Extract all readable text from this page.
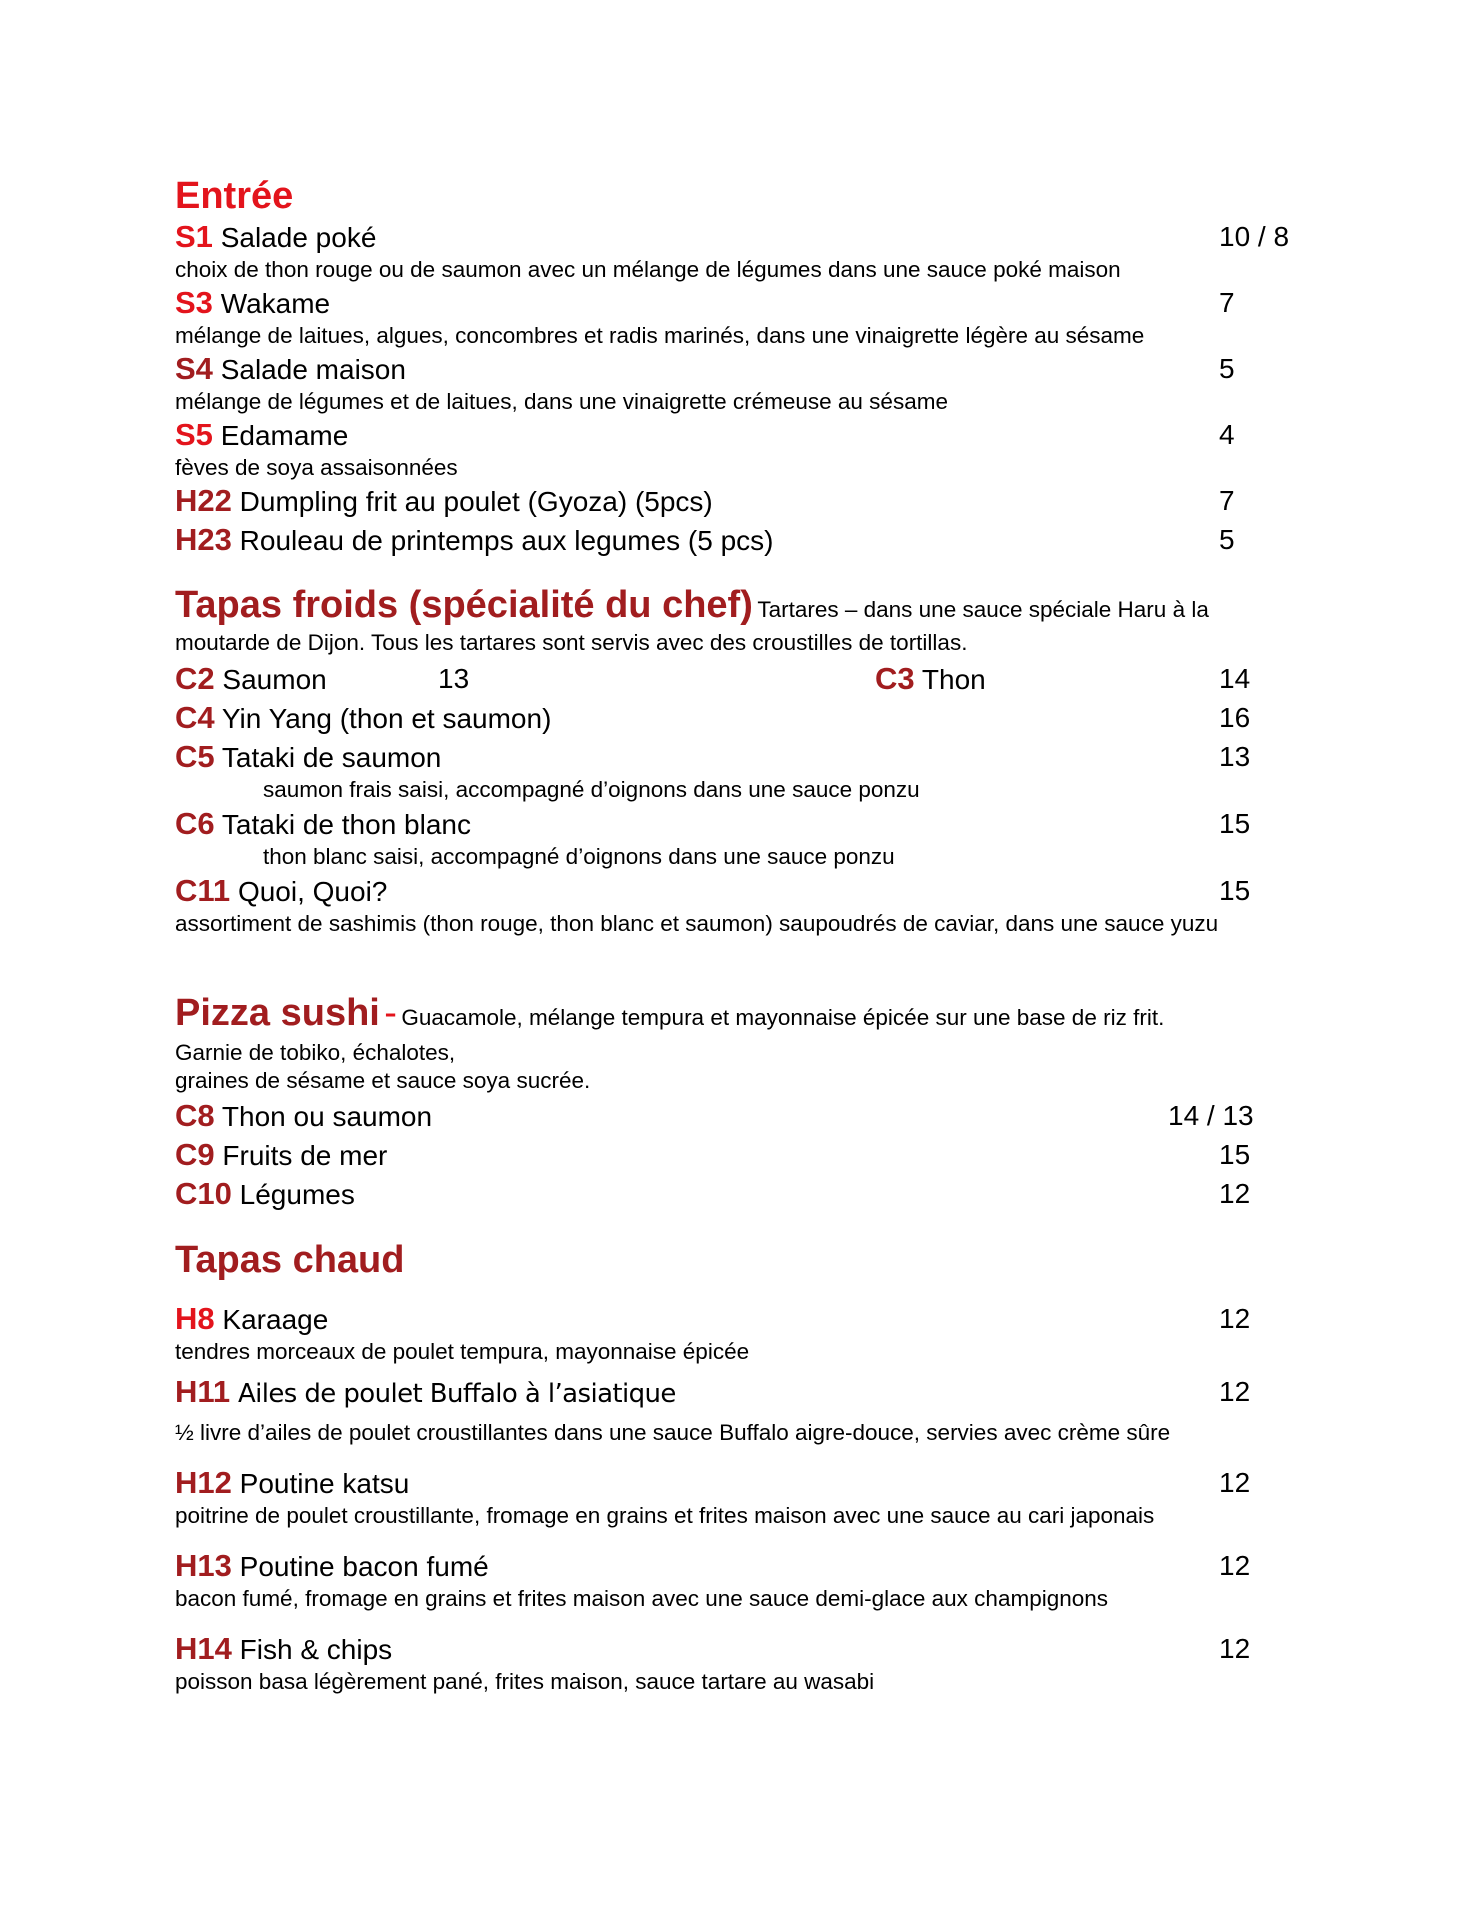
Entrée
S1 Salade poké	10 / 8
choix de thon rouge ou de saumon avec un mélange de légumes dans une sauce poké maison
S3 Wakame	7
mélange de laitues, algues, concombres et radis marinés, dans une vinaigrette légère au sésame
S4 Salade maison	5
mélange de légumes et de laitues, dans une vinaigrette crémeuse au sésame
S5 Edamame	4
fèves de soya assaisonnées
H22 Dumpling frit au poulet (Gyoza) (5pcs)	7
H23 Rouleau de printemps aux legumes (5 pcs)	5
Tapas froids (spécialité du chef) Tartares – dans une sauce spéciale Haru à la
moutarde de Dijon. Tous les tartares sont servis avec des croustilles de tortillas.
C2 Saumon	13	C3 Thon	14
C4 Yin Yang (thon et saumon)	16
C5 Tataki de saumon	13
saumon frais saisi, accompagné d’oignons dans une sauce ponzu
C6 Tataki de thon blanc	15
thon blanc saisi, accompagné d’oignons dans une sauce ponzu
C11 Quoi, Quoi?	15
assortiment de sashimis (thon rouge, thon blanc et saumon) saupoudrés de caviar, dans une sauce yuzu
Pizza sushi - Guacamole, mélange tempura et mayonnaise épicée sur une base de riz frit.
Garnie de tobiko, échalotes,
graines de sésame et sauce soya sucrée.
C8 Thon ou saumon	14 / 13
C9 Fruits de mer	15
C10 Légumes	12
Tapas chaud
H8 Karaage	12
tendres morceaux de poulet tempura, mayonnaise épicée
H11 Ailes de poulet Buffalo à l’asiatique	12
½ livre d’ailes de poulet croustillantes dans une sauce Buffalo aigre-douce, servies avec crème sûre
H12 Poutine katsu	12
poitrine de poulet croustillante, fromage en grains et frites maison avec une sauce au cari japonais
H13 Poutine bacon fumé	12
bacon fumé, fromage en grains et frites maison avec une sauce demi-glace aux champignons
H14 Fish & chips	12
poisson basa légèrement pané, frites maison, sauce tartare au wasabi
